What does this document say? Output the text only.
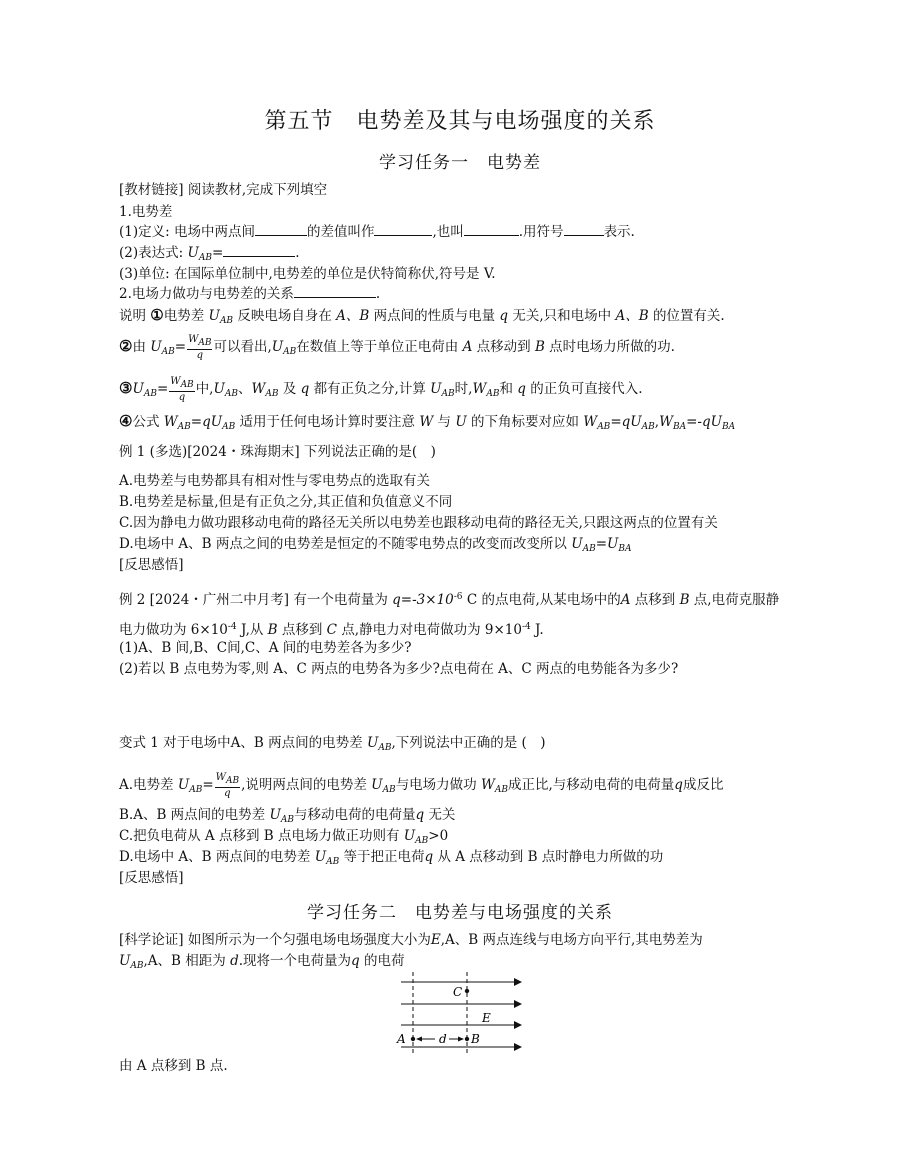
第五节　电势差及其与电场强度的关系
学习任务一　电势差
[教材链接] 阅读教材,完成下列填空
1.电势差
(1)定义: 电场中两点间	的差值叫作	,也叫	.用符号	表示.
(2)表达式: $U_{AB}=$	.
(3)单位: 在国际单位制中,电势差的单位是伏特简称伏,符号是 V.
2.电场力做功与电势差的关系	.
说明 ①电势差 $U_{AB}$ 反映电场自身在 A、B 两点间的性质与电量 q 无关,只和电场中 A、B 的位置有关.
②由 $U_{AB}= \frac{W_{AB}}{q}$ 可以看出$,U_{AB}$在数值上等于单位正电荷由 A 点移动到 B 点时电场力所做的功.
$③U_{AB}= \frac{W_{AB}}{q}$ 中$,U_{AB}$、$W_{AB}$ 及 q 都有正负之分,计算 $U_{AB}$时$,W_{AB}$和 q 的正负可直接代入.
④公式 $W_{AB}=qU_{AB}$ 适用于任何电场计算时要注意 W 与 U 的下角标要对应如 $W_{AB}=qU_{AB},W_{BA}=-qU_{BA}$
例 1 (多选)[2024・珠海期末] 下列说法正确的是(　)
A.电势差与电势都具有相对性与零电势点的选取有关
B.电势差是标量,但是有正负之分,其正值和负值意义不同
C.因为静电力做功跟移动电荷的路径无关所以电势差也跟移动电荷的路径无关,只跟这两点的位置有关
D.电场中 A、B 两点之间的电势差是恒定的不随零电势点的改变而改变所以 $U_{AB}=U_{BA}$
[反思感悟]
例 2 [2024・广州二中月考] 有一个电荷量为 $q=-3\times 10^{-6}$ C 的点电荷,从某电场中的A 点移到 B 点,电荷克服静
电力做功为 $6\times 10^{-4}$ J,从 B 点移到 C 点,静电力对电荷做功为 $9\times 10^{-4}$ J.
(1)A、B 间,B、C间,C、A 间的电势差各为多少?
(2)若以 B 点电势为零,则 A、C 两点的电势各为多少?点电荷在 A、C 两点的电势能各为多少?
变式 1 对于电场中A、B 两点间的电势差 $U_{AB}$,下列说法中正确的是 (　)
A.电势差 $U_{AB}= \frac{W_{AB}}{q}$ ,说明两点间的电势差 $U_{AB}$与电场力做功 $W_{AB}$成正比,与移动电荷的电荷量q成反比
B.A、B 两点间的电势差 $U_{AB}$与移动电荷的电荷量q 无关
C.把负电荷从 A 点移到 B 点电场力做正功则有 $U_{AB}>0$
D.电场中 A、B 两点间的电势差 $U_{AB}$ 等于把正电荷q 从 A 点移动到 B 点时静电力所做的功
[反思感悟]
学习任务二　电势差与电场强度的关系
[科学论证] 如图所示为一个匀强电场电场强度大小为E,A、B 两点连线与电场方向平行,其电势差为
$U_{AB},A$、B 相距为 d.现将一个电荷量为q 的电荷
C
E
A	B
d
由 A 点移到 B 点.
